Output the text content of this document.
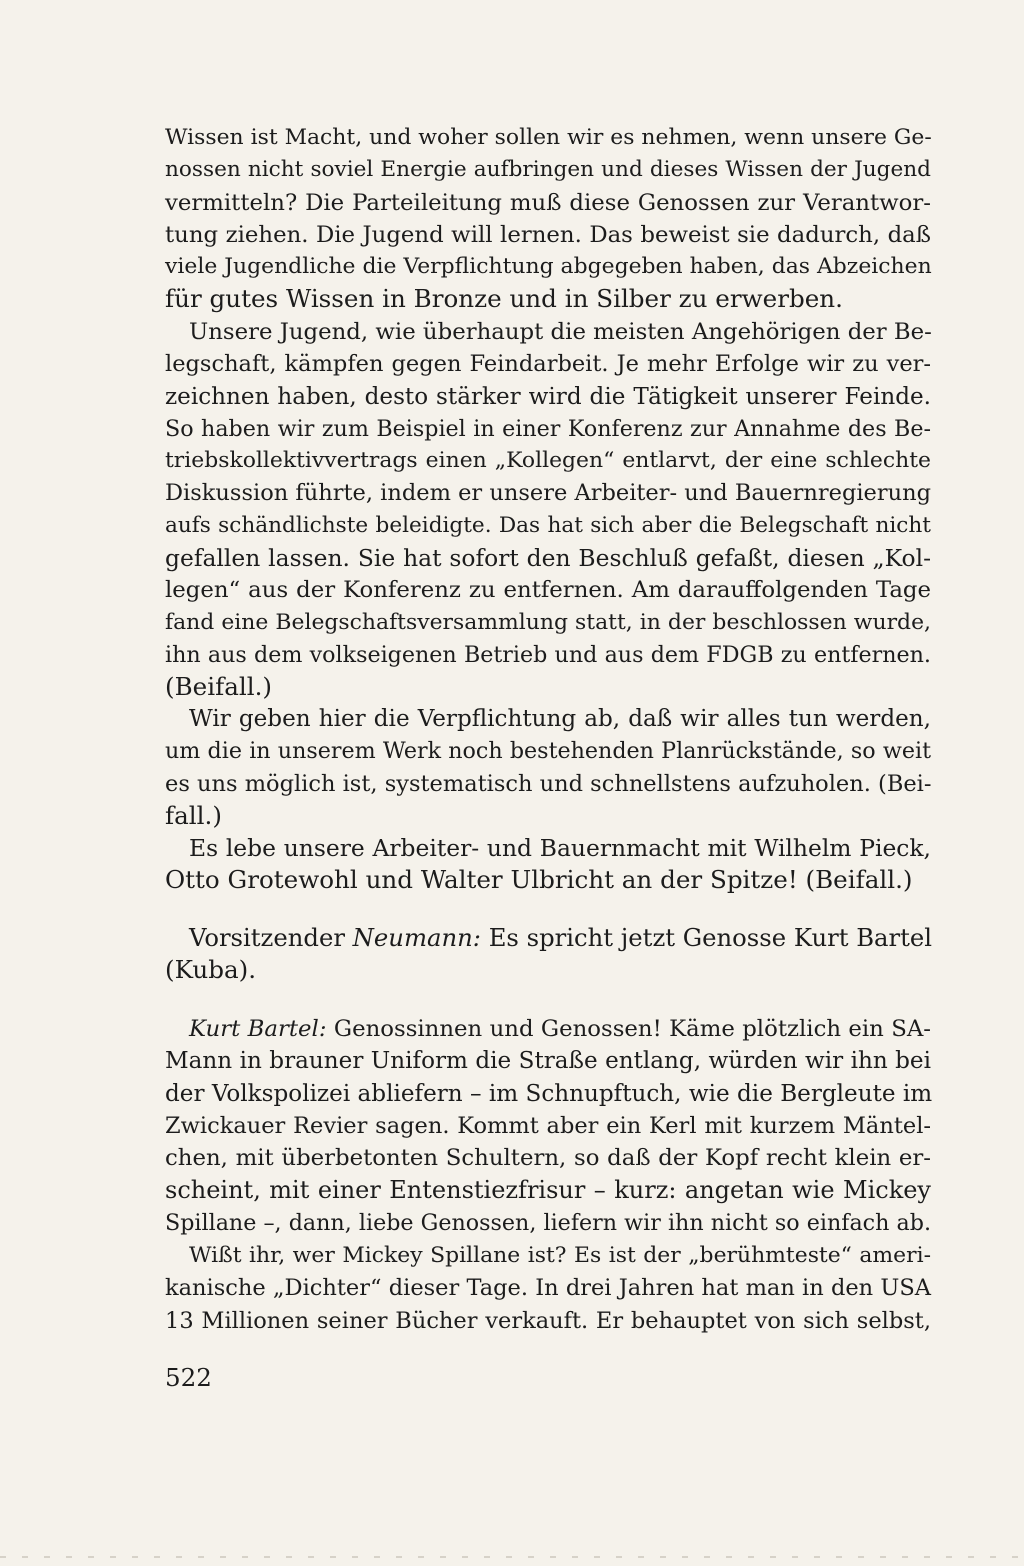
Wissen ist Macht, und woher sollen wir es nehmen, wenn unsere Ge-
nossen nicht soviel Energie aufbringen und dieses Wissen der Jugend
vermitteln? Die Parteileitung muß diese Genossen zur Verantwor-
tung ziehen. Die Jugend will lernen. Das beweist sie dadurch, daß
viele Jugendliche die Verpflichtung abgegeben haben, das Abzeichen
für gutes Wissen in Bronze und in Silber zu erwerben.
Unsere Jugend, wie überhaupt die meisten Angehörigen der Be-
legschaft, kämpfen gegen Feindarbeit. Je mehr Erfolge wir zu ver-
zeichnen haben, desto stärker wird die Tätigkeit unserer Feinde.
So haben wir zum Beispiel in einer Konferenz zur Annahme des Be-
triebskollektivvertrags einen „Kollegen“ entlarvt, der eine schlechte
Diskussion führte, indem er unsere Arbeiter- und Bauernregierung
aufs schändlichste beleidigte. Das hat sich aber die Belegschaft nicht
gefallen lassen. Sie hat sofort den Beschluß gefaßt, diesen „Kol-
legen“ aus der Konferenz zu entfernen. Am darauffolgenden Tage
fand eine Belegschaftsversammlung statt, in der beschlossen wurde,
ihn aus dem volkseigenen Betrieb und aus dem FDGB zu entfernen.
(Beifall.)
Wir geben hier die Verpflichtung ab, daß wir alles tun werden,
um die in unserem Werk noch bestehenden Planrückstände, so weit
es uns möglich ist, systematisch und schnellstens aufzuholen. (Bei-
fall.)
Es lebe unsere Arbeiter- und Bauernmacht mit Wilhelm Pieck,
Otto Grotewohl und Walter Ulbricht an der Spitze! (Beifall.)
Vorsitzender Neumann: Es spricht jetzt Genosse Kurt Bartel
(Kuba).
Kurt Bartel: Genossinnen und Genossen! Käme plötzlich ein SA-
Mann in brauner Uniform die Straße entlang, würden wir ihn bei
der Volkspolizei abliefern – im Schnupftuch, wie die Bergleute im
Zwickauer Revier sagen. Kommt aber ein Kerl mit kurzem Mäntel-
chen, mit überbetonten Schultern, so daß der Kopf recht klein er-
scheint, mit einer Entenstiezfrisur – kurz: angetan wie Mickey
Spillane –, dann, liebe Genossen, liefern wir ihn nicht so einfach ab.
Wißt ihr, wer Mickey Spillane ist? Es ist der „berühmteste“ ameri-
kanische „Dichter“ dieser Tage. In drei Jahren hat man in den USA
13 Millionen seiner Bücher verkauft. Er behauptet von sich selbst,
522
